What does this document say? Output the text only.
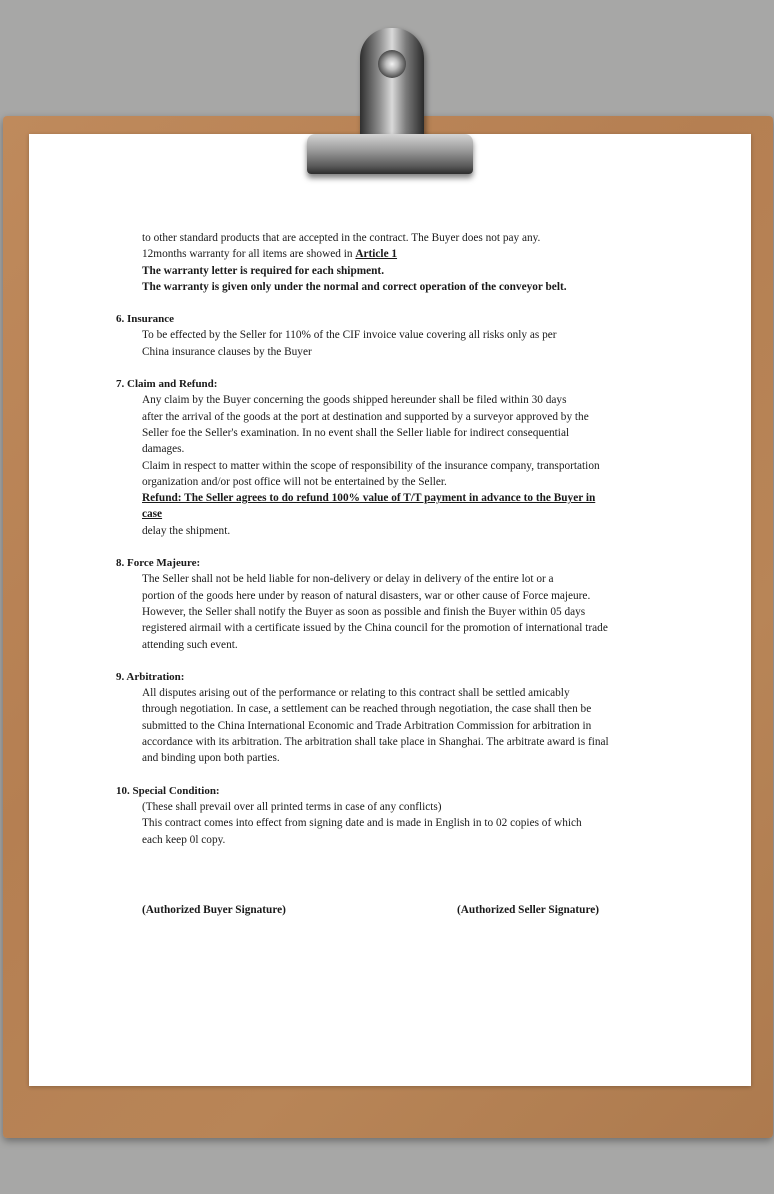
to other standard products that are accepted in the contract. The Buyer does not pay any.
12months warranty for all items are showed in Article 1
The warranty letter is required for each shipment.
The warranty is given only under the normal and correct operation of the conveyor belt.
6. Insurance
To be effected by the Seller for 110% of the CIF invoice value covering all risks only as per
China insurance clauses by the Buyer
7. Claim and Refund:
Any claim by the Buyer concerning the goods shipped hereunder shall be filed within 30 days
after the arrival of the goods at the port at destination and supported by a surveyor approved by the
Seller foe the Seller's examination. In no event shall the Seller liable for indirect consequential
damages.
Claim in respect to matter within the scope of responsibility of the insurance company, transportation
organization and/or post office will not be entertained by the Seller.
Refund: The Seller agrees to do refund 100% value of T/T payment in advance to the Buyer in
case
delay the shipment.
8. Force Majeure:
The Seller shall not be held liable for non-delivery or delay in delivery of the entire lot or a
portion of the goods here under by reason of natural disasters, war or other cause of Force majeure.
However, the Seller shall notify the Buyer as soon as possible and finish the Buyer within 05 days
registered airmail with a certificate issued by the China council for the promotion of international trade
attending such event.
9. Arbitration:
All disputes arising out of the performance or relating to this contract shall be settled amicably
through negotiation. In case, a settlement can be reached through negotiation, the case shall then be
submitted to the China International Economic and Trade Arbitration Commission for arbitration in
accordance with its arbitration. The arbitration shall take place in Shanghai. The arbitrate award is final
and binding upon both parties.
10. Special Condition:
(These shall prevail over all printed terms in case of any conflicts)
This contract comes into effect from signing date and is made in English in to 02 copies of which
each keep 0l copy.
(Authorized Buyer Signature)	(Authorized Seller Signature)
